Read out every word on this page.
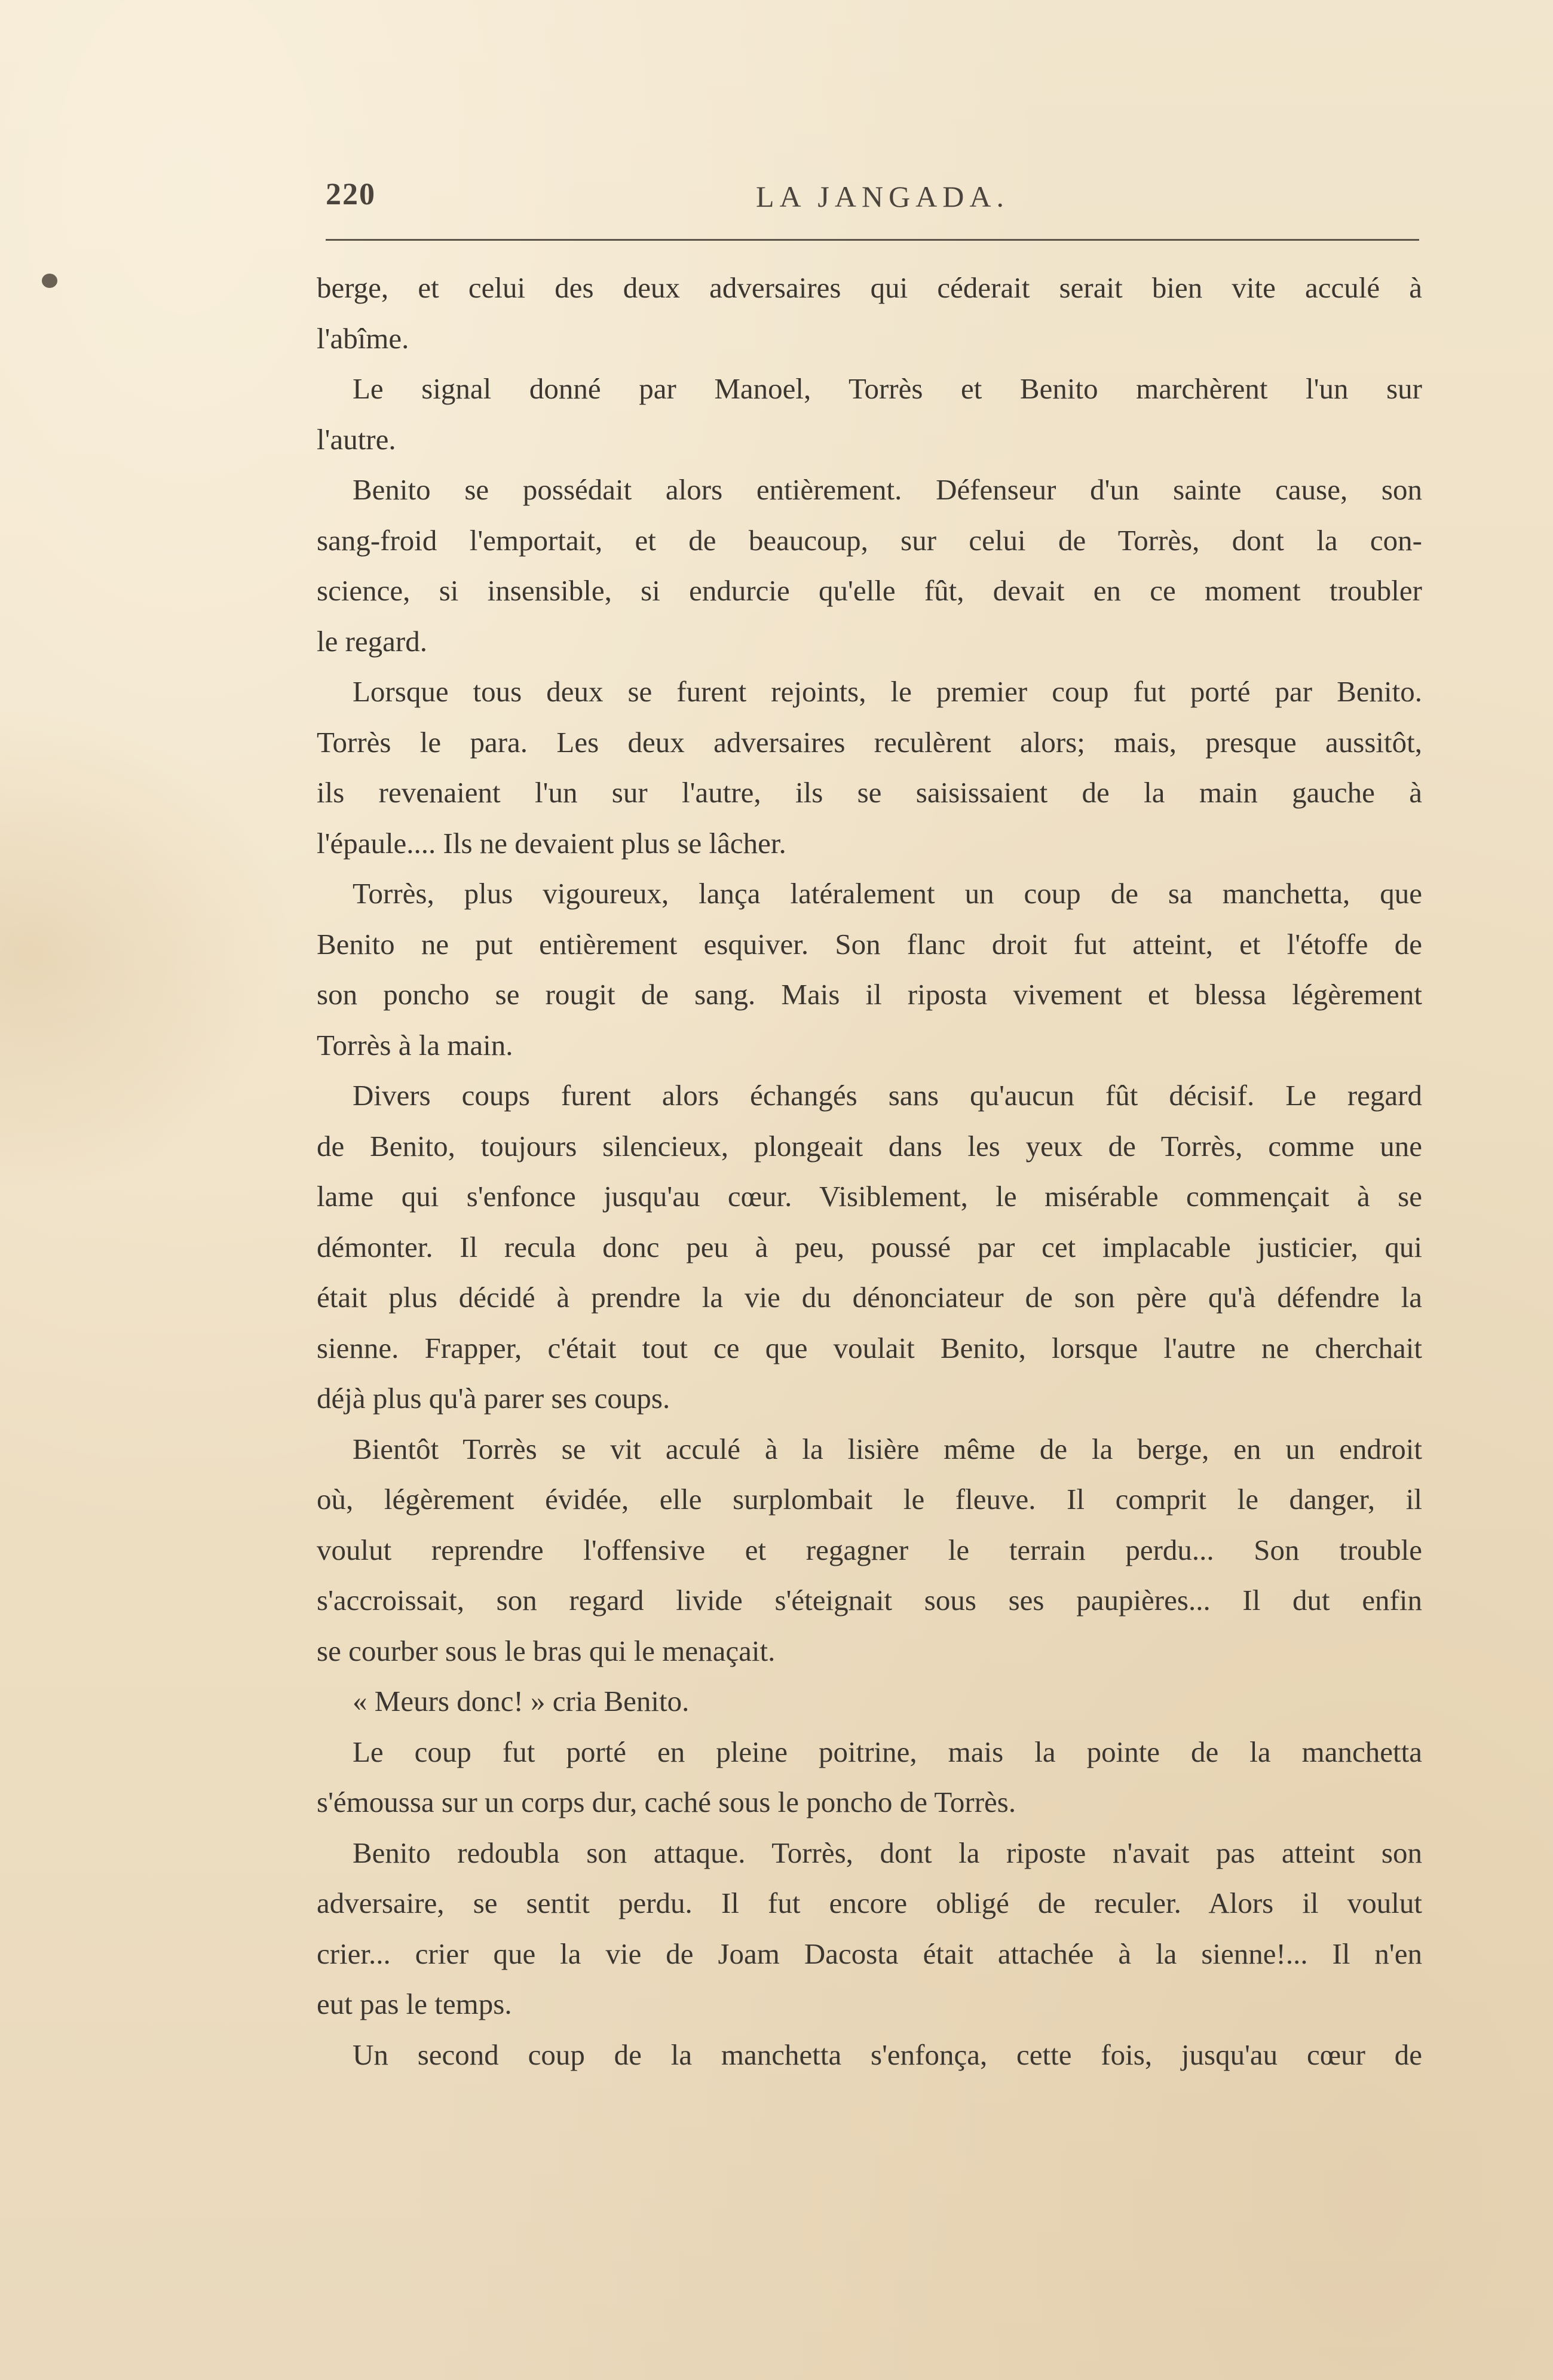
220	LA JANGADA.
berge, et celui des deux adversaires qui céderait serait bien vite acculé à
l'abîme.
Le signal donné par Manoel, Torrès et Benito marchèrent l'un sur
l'autre.
Benito se possédait alors entièrement. Défenseur d'un sainte cause, son
sang-froid l'emportait, et de beaucoup, sur celui de Torrès, dont la con-
science, si insensible, si endurcie qu'elle fût, devait en ce moment troubler
le regard.
Lorsque tous deux se furent rejoints, le premier coup fut porté par Benito.
Torrès le para. Les deux adversaires reculèrent alors; mais, presque aussitôt,
ils revenaient l'un sur l'autre, ils se saisissaient de la main gauche à
l'épaule.... Ils ne devaient plus se lâcher.
Torrès, plus vigoureux, lança latéralement un coup de sa manchetta, que
Benito ne put entièrement esquiver. Son flanc droit fut atteint, et l'étoffe de
son poncho se rougit de sang. Mais il riposta vivement et blessa légèrement
Torrès à la main.
Divers coups furent alors échangés sans qu'aucun fût décisif. Le regard
de Benito, toujours silencieux, plongeait dans les yeux de Torrès, comme une
lame qui s'enfonce jusqu'au cœur. Visiblement, le misérable commençait à se
démonter. Il recula donc peu à peu, poussé par cet implacable justicier, qui
était plus décidé à prendre la vie du dénonciateur de son père qu'à défendre la
sienne. Frapper, c'était tout ce que voulait Benito, lorsque l'autre ne cherchait
déjà plus qu'à parer ses coups.
Bientôt Torrès se vit acculé à la lisière même de la berge, en un endroit
où, légèrement évidée, elle surplombait le fleuve. Il comprit le danger, il
voulut reprendre l'offensive et regagner le terrain perdu... Son trouble
s'accroissait, son regard livide s'éteignait sous ses paupières... Il dut enfin
se courber sous le bras qui le menaçait.
« Meurs donc! » cria Benito.
Le coup fut porté en pleine poitrine, mais la pointe de la manchetta
s'émoussa sur un corps dur, caché sous le poncho de Torrès.
Benito redoubla son attaque. Torrès, dont la riposte n'avait pas atteint son
adversaire, se sentit perdu. Il fut encore obligé de reculer. Alors il voulut
crier... crier que la vie de Joam Dacosta était attachée à la sienne!... Il n'en
eut pas le temps.
Un second coup de la manchetta s'enfonça, cette fois, jusqu'au cœur de
